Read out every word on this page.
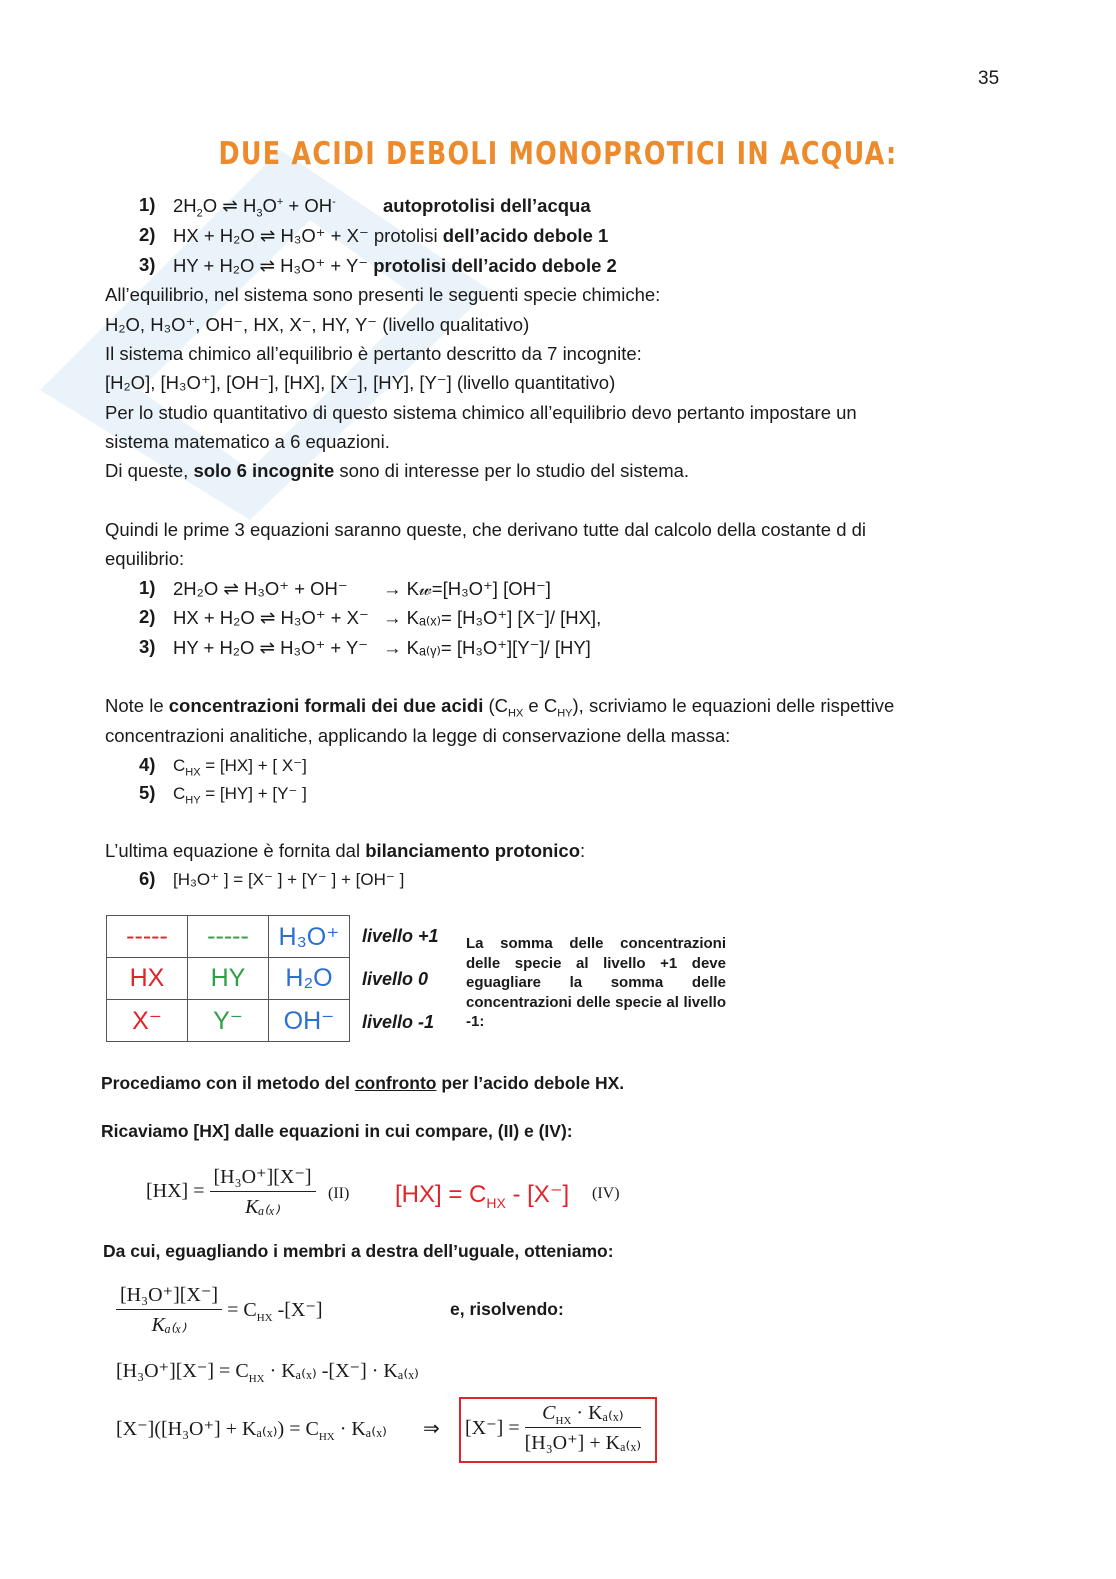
35
DUE ACIDI DEBOLI MONOPROTICI IN ACQUA:
1) $2H_2O$ ⇌ $H_3O^+ + OH^-$	autoprotolisi dell’acqua
2) HX + H₂O ⇌ H₃O⁺ + X⁻ protolisi dell’acido debole 1
3) HY + H₂O ⇌ H₃O⁺ + Y⁻ protolisi dell’acido debole 2
All’equilibrio, nel sistema sono presenti le seguenti specie chimiche:
H₂O, H₃O⁺, OH⁻, HX, X⁻, HY, Y⁻ (livello qualitativo)
Il sistema chimico all’equilibrio è pertanto descritto da 7 incognite:
[H₂O], [H₃O⁺], [OH⁻], [HX], [X⁻], [HY], [Y⁻] (livello quantitativo)
Per lo studio quantitativo di questo sistema chimico all’equilibrio devo pertanto impostare un
sistema matematico a 6 equazioni.
Di queste, solo 6 incognite sono di interesse per lo studio del sistema.
Quindi le prime 3 equazioni saranno queste, che derivano tutte dal calcolo della costante d di
equilibrio:
1) 2H₂O ⇌ H₃O⁺ + OH⁻ → K𝓌=[H₃O⁺] [OH⁻]
2) HX + H₂O ⇌ H₃O⁺ + X⁻ → Kₐ₍ₓ₎= [H₃O⁺] [X⁻]/ [HX],
3) HY + H₂O ⇌ H₃O⁺ + Y⁻ → Kₐ₍ᵧ₎= [H₃O⁺][Y⁻]/ [HY]
Note le concentrazioni formali dei due acidi ($C_{HX}$ e $C_{HY}$), scriviamo le equazioni delle rispettive
concentrazioni analitiche, applicando la legge di conservazione della massa:
4) $C_{HX} = [HX]$ + [ X⁻]
5) $C_{HY} = [HY] + [Y^-$ ]
L’ultima equazione è fornita dal bilanciamento protonico:
6) [H₃O⁺ ] = [X⁻ ] + [Y⁻ ] + [OH⁻ ]
-----	-----	H₃O⁺
HX	HY	H₂O
X⁻	Y⁻	OH⁻
livello +1
livello 0
livello -1
La somma delle concentrazioni delle specie al livello +1 deve eguagliare la somma delle concentrazioni delle specie al livello -1:
Procediamo con il metodo del confronto per l’acido debole HX.
Ricaviamo [HX] dalle equazioni in cui compare, (II) e (IV):
$[HX] = \frac{\text{[H₃O⁺][X⁻]}}{\text{Kₐ₍ₓ₎}} (II) [HX] = C_{HX} - [X^-]$ (IV)
Da cui, eguagliando i membri a destra dell’uguale, otteniamo:
$\frac{\text{[H₃O⁺][X⁻]}}{\text{Kₐ₍ₓ₎}} = C_{HX}$ -[X⁻]	e, risolvendo:
$[H_3O^+][X^-] = C_{HX} \cdot K_{a(x)}$ -[X⁻] · Kₐ₍ₓ₎
$[X^-]([H_3O^+] + K_{a(x)}) = C_{HX} \cdot K_{a(x)}$ ⇒ $[X^-] = \frac{C_{HX} \cdot K_{a(x)}}{\text{[H₃O⁺] + Kₐ₍ₓ₎}}$
